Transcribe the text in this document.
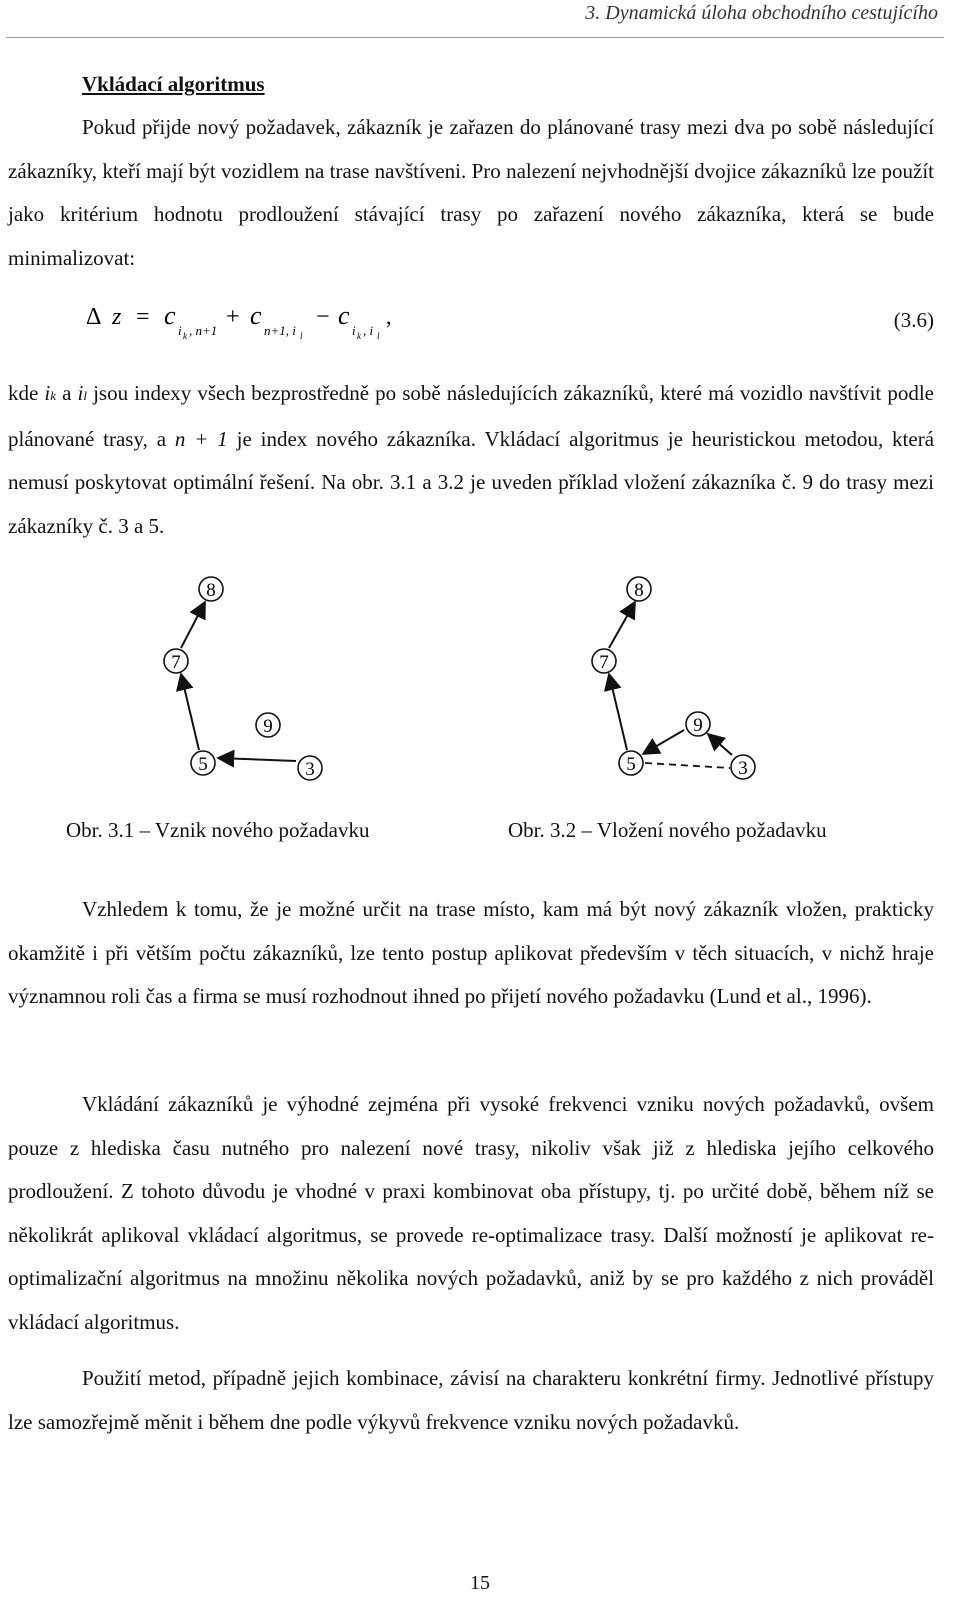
3. Dynamická úloha obchodního cestujícího
Vkládací algoritmus

Pokud přijde nový požadavek, zákazník je zařazen do plánované trasy mezi dva po sobě následující zákazníky, kteří mají být vozidlem na trase navštíveni. Pro nalezení nejvhodnější dvojice zákazníků lze použít jako kritérium hodnotu prodloužení stávající trasy po zařazení nového zákazníka, která se bude minimalizovat:

Δ z = c
i k , n+1
+ c
n+1, i l
− c
i k , i l
,	(3.6)

kde ik a il jsou indexy všech bezprostředně po sobě následujících zákazníků, které má vozidlo navštívit podle plánované trasy, a n + 1 je index nového zákazníka. Vkládací algoritmus je heuristickou metodou, která nemusí poskytovat optimální řešení. Na obr. 3.1 a 3.2 je uveden příklad vložení zákazníka č. 9 do trasy mezi zákazníky č. 3 a 5.

8
7
9
5	3
8
7
9
5	3
Obr. 3.1 – Vznik nového požadavku	Obr. 3.2 – Vložení nového požadavku

Vzhledem k tomu, že je možné určit na trase místo, kam má být nový zákazník vložen, prakticky okamžitě i při větším počtu zákazníků, lze tento postup aplikovat především v těch situacích, v nichž hraje významnou roli čas a firma se musí rozhodnout ihned po přijetí nového požadavku (Lund et al., 1996).

Vkládání zákazníků je výhodné zejména při vysoké frekvenci vzniku nových požadavků, ovšem pouze z hlediska času nutného pro nalezení nové trasy, nikoliv však již z hlediska jejího celkového prodloužení. Z tohoto důvodu je vhodné v praxi kombinovat oba přístupy, tj. po určité době, během níž se několikrát aplikoval vkládací algoritmus, se provede re-optimalizace trasy. Další možností je aplikovat re-optimalizační algoritmus na množinu několika nových požadavků, aniž by se pro každého z nich prováděl vkládací algoritmus.

Použití metod, případně jejich kombinace, závisí na charakteru konkrétní firmy. Jednotlivé přístupy lze samozřejmě měnit i během dne podle výkyvů frekvence vzniku nových požadavků.

15
